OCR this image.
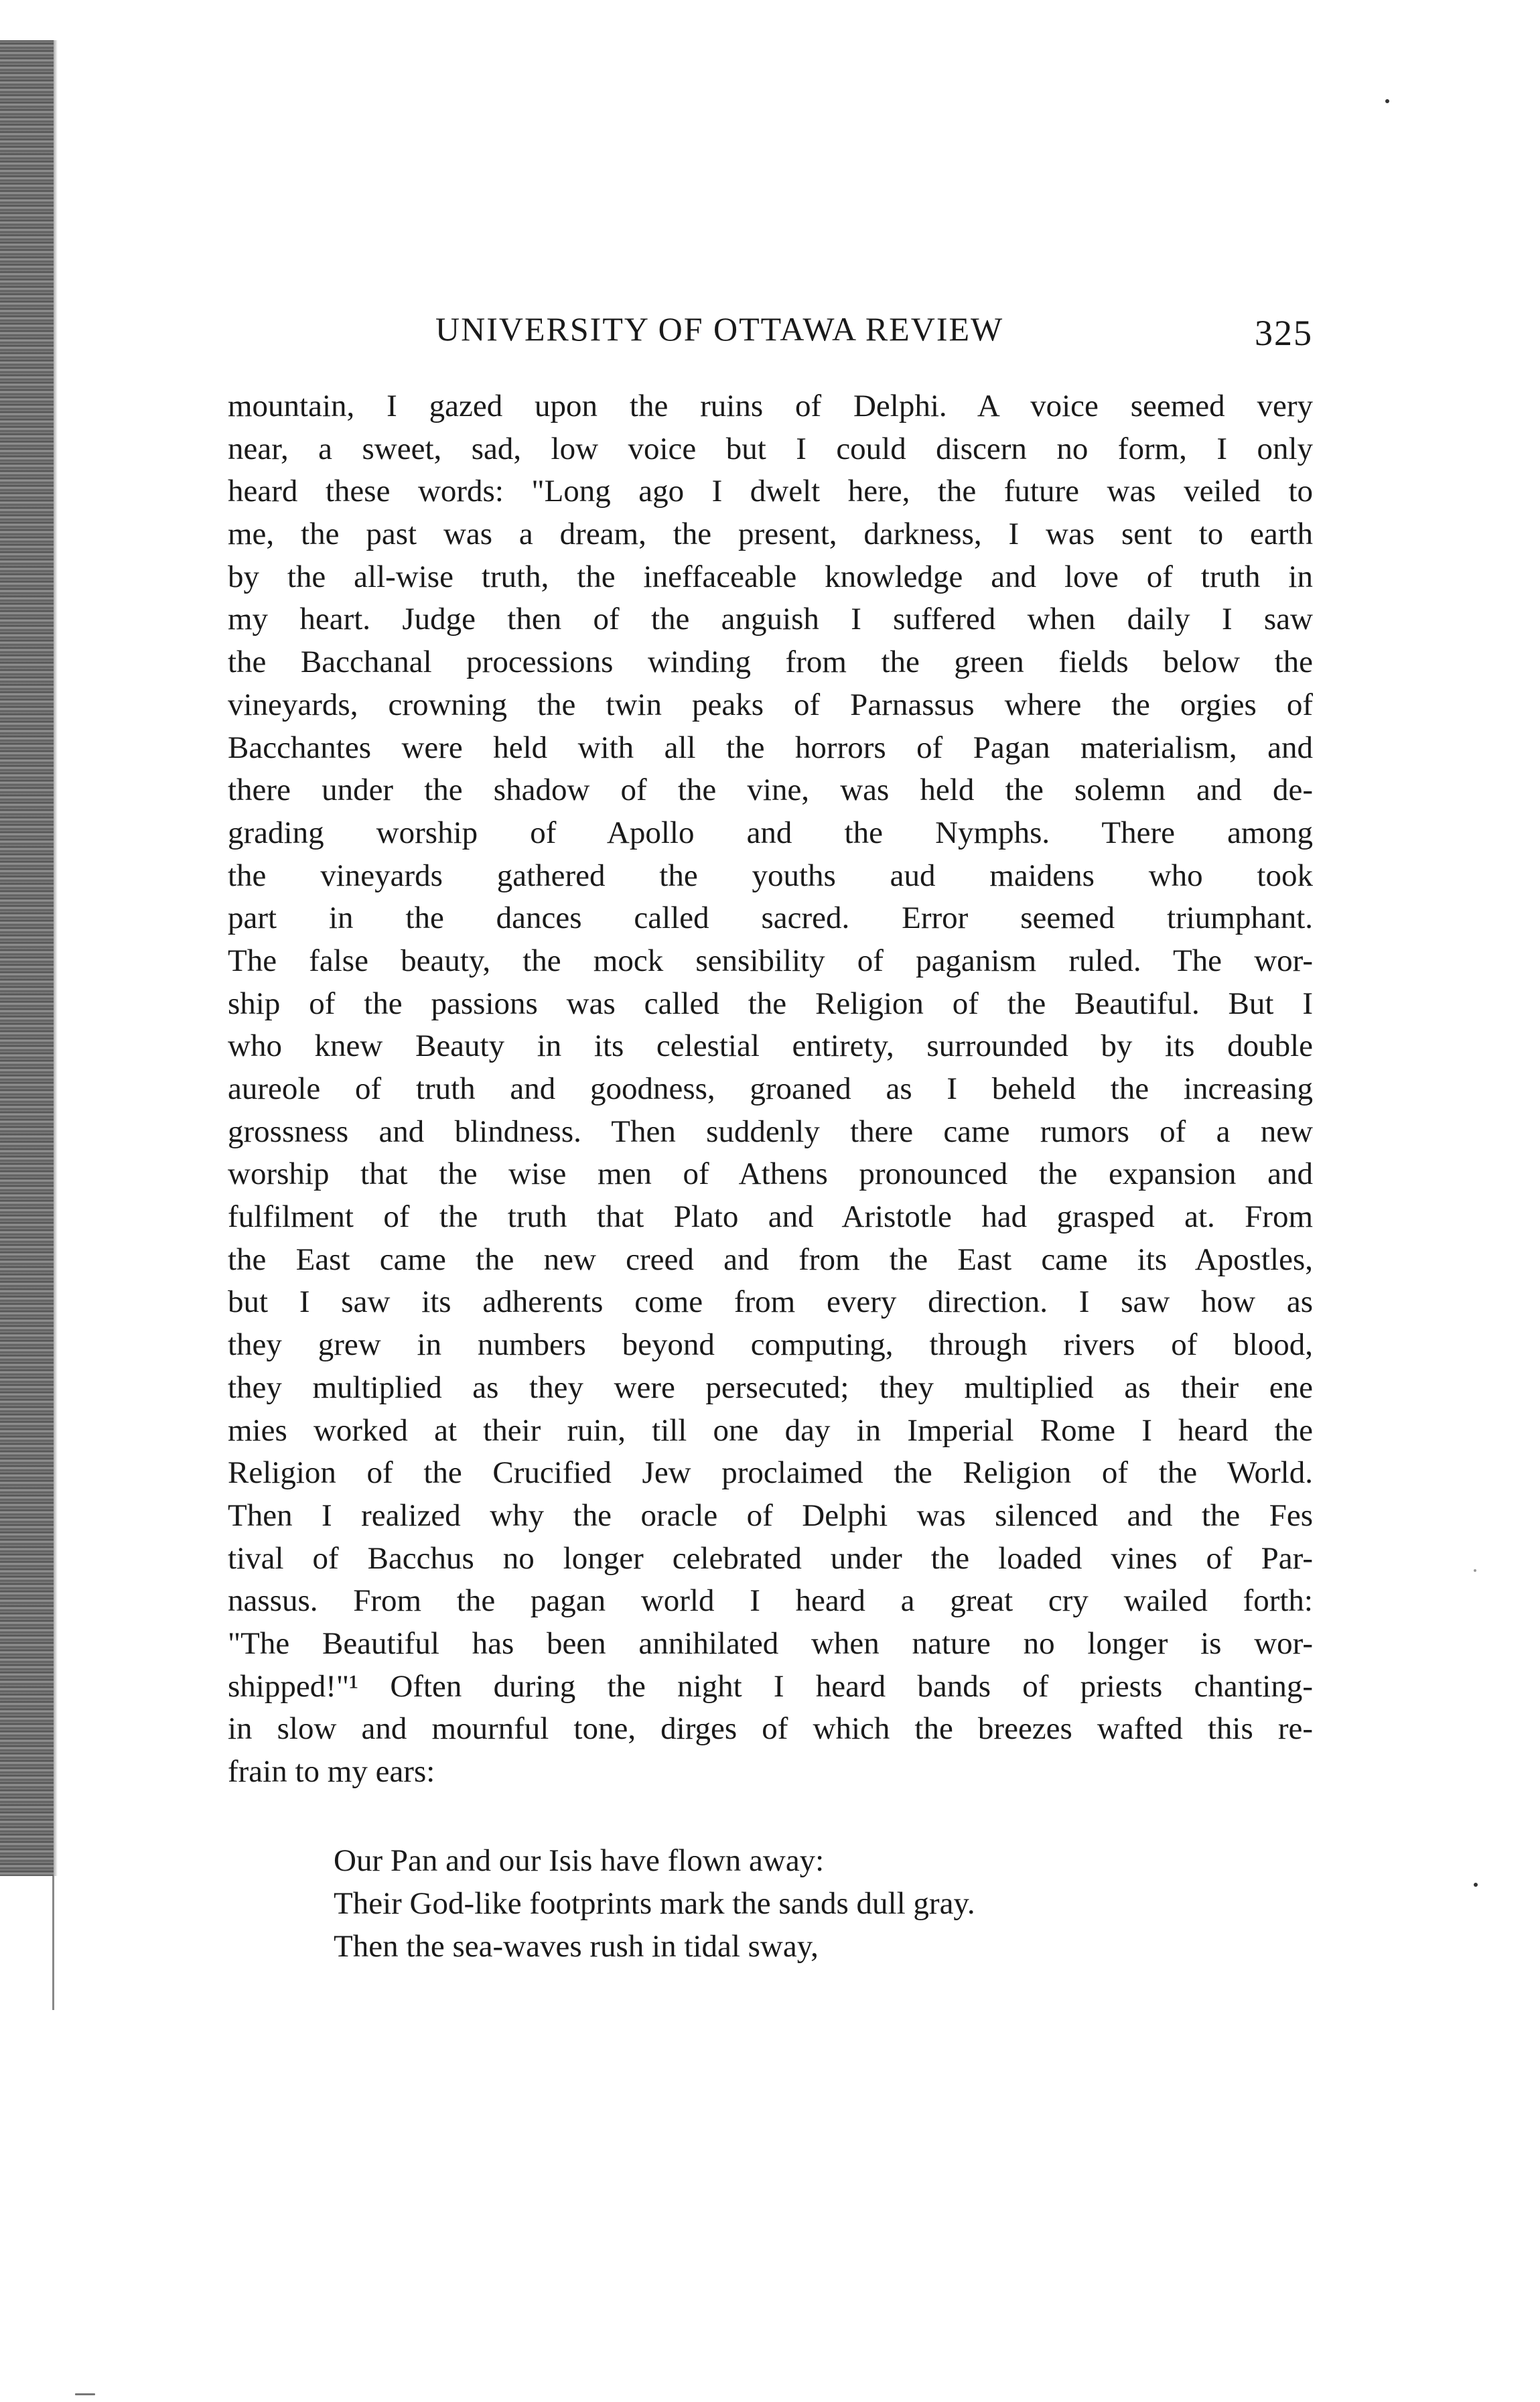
UNIVERSITY OF OTTAWA REVIEW	325
mountain, I gazed upon the ruins of Delphi. A voice seemed very
near, a sweet, sad, low voice but I could discern no form, I only
heard these words: "Long ago I dwelt here, the future was veiled to
me, the past was a dream, the present, darkness, I was sent to earth
by the all-wise truth, the ineffaceable knowledge and love of truth in
my heart. Judge then of the anguish I suffered when daily I saw
the Bacchanal processions winding from the green fields below the
vineyards, crowning the twin peaks of Parnassus where the orgies of
Bacchantes were held with all the horrors of Pagan materialism, and
there under the shadow of the vine, was held the solemn and de-
grading worship of Apollo and the Nymphs. There among
the vineyards gathered the youths aud maidens who took
part in the dances called sacred. Error seemed triumphant.
The false beauty, the mock sensibility of paganism ruled. The wor-
ship of the passions was called the Religion of the Beautiful. But I
who knew Beauty in its celestial entirety, surrounded by its double
aureole of truth and goodness, groaned as I beheld the increasing
grossness and blindness. Then suddenly there came rumors of a new
worship that the wise men of Athens pronounced the expansion and
fulfilment of the truth that Plato and Aristotle had grasped at. From
the East came the new creed and from the East came its Apostles,
but I saw its adherents come from every direction. I saw how as
they grew in numbers beyond computing, through rivers of blood,
they multiplied as they were persecuted; they multiplied as their ene
mies worked at their ruin, till one day in Imperial Rome I heard the
Religion of the Crucified Jew proclaimed the Religion of the World.
Then I realized why the oracle of Delphi was silenced and the Fes
tival of Bacchus no longer celebrated under the loaded vines of Par-
nassus. From the pagan world I heard a great cry wailed forth:
"The Beautiful has been annihilated when nature no longer is wor-
shipped!"¹ Often during the night I heard bands of priests chanting-
in slow and mournful tone, dirges of which the breezes wafted this re-
frain to my ears:
Our Pan and our Isis have flown away:
Their God-like footprints mark the sands dull gray.
Then the sea-waves rush in tidal sway,
